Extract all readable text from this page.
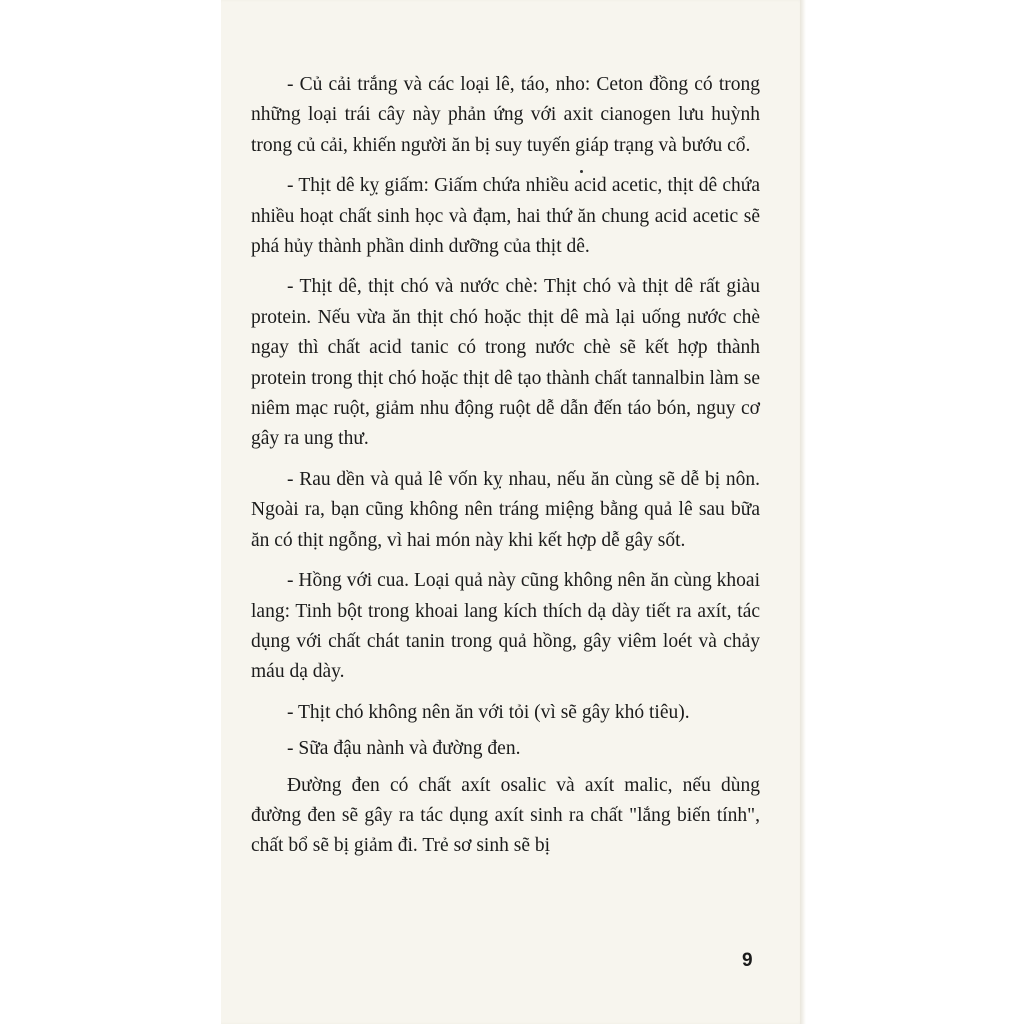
- Củ cải trắng và các loại lê, táo, nho: Ceton đồng có trong những loại trái cây này phản ứng với axit cianogen lưu huỳnh trong củ cải, khiến người ăn bị suy tuyến giáp trạng và bướu cổ.

- Thịt dê kỵ giấm: Giấm chứa nhiều acid acetic, thịt dê chứa nhiều hoạt chất sinh học và đạm, hai thứ ăn chung acid acetic sẽ phá hủy thành phần dinh dưỡng của thịt dê.

- Thịt dê, thịt chó và nước chè: Thịt chó và thịt dê rất giàu protein. Nếu vừa ăn thịt chó hoặc thịt dê mà lại uống nước chè ngay thì chất acid tanic có trong nước chè sẽ kết hợp thành protein trong thịt chó hoặc thịt dê tạo thành chất tannalbin làm se niêm mạc ruột, giảm nhu động ruột dễ dẫn đến táo bón, nguy cơ gây ra ung thư.

- Rau dền và quả lê vốn kỵ nhau, nếu ăn cùng sẽ dễ bị nôn. Ngoài ra, bạn cũng không nên tráng miệng bằng quả lê sau bữa ăn có thịt ngỗng, vì hai món này khi kết hợp dễ gây sốt.

- Hồng với cua. Loại quả này cũng không nên ăn cùng khoai lang: Tinh bột trong khoai lang kích thích dạ dày tiết ra axít, tác dụng với chất chát tanin trong quả hồng, gây viêm loét và chảy máu dạ dày.

- Thịt chó không nên ăn với tỏi (vì sẽ gây khó tiêu).

- Sữa đậu nành và đường đen.

Đường đen có chất axít osalic và axít malic, nếu dùng đường đen sẽ gây ra tác dụng axít sinh ra chất "lắng biến tính", chất bổ sẽ bị giảm đi. Trẻ sơ sinh sẽ bị

9
